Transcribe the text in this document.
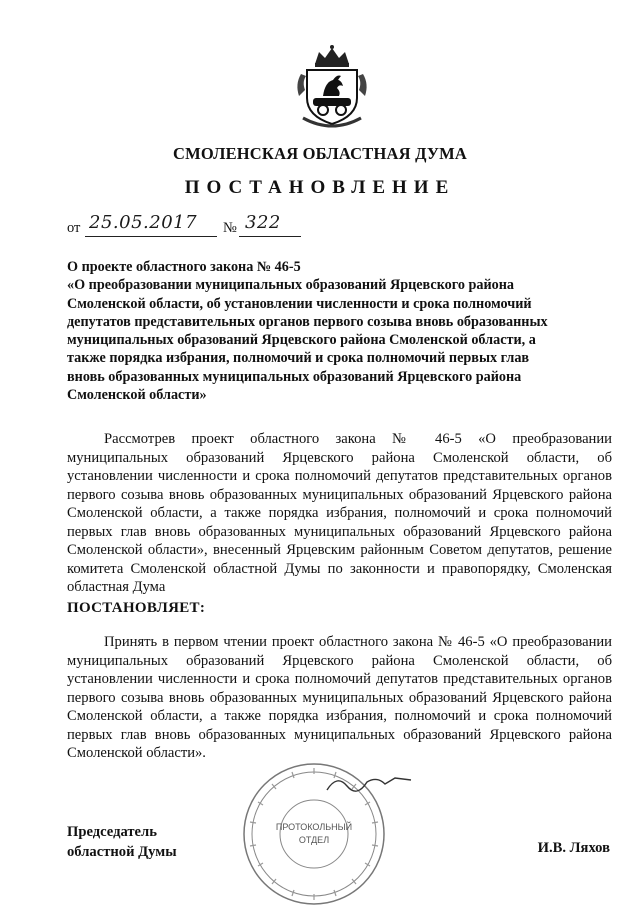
СМОЛЕНСКАЯ ОБЛАСТНАЯ ДУМА
ПОСТАНОВЛЕНИЕ
от 25.05.2017 № 322
О проекте областного закона № 46-5
«О преобразовании муниципальных образований Ярцевского района Смоленской области, об установлении численности и срока полномочий депутатов представительных органов первого созыва вновь образованных муниципальных образований Ярцевского района Смоленской области, а также порядка избрания, полномочий и срока полномочий первых глав вновь образованных муниципальных образований Ярцевского района Смоленской области»
Рассмотрев проект областного закона № 46-5 «О преобразовании муниципальных образований Ярцевского района Смоленской области, об установлении численности и срока полномочий депутатов представительных органов первого созыва вновь образованных муниципальных образований Ярцевского района Смоленской области, а также порядка избрания, полномочий и срока полномочий первых глав вновь образованных муниципальных образований Ярцевского района Смоленской области», внесенный Ярцевским районным Советом депутатов, решение комитета Смоленской областной Думы по законности и правопорядку, Смоленская областная Дума
ПОСТАНОВЛЯЕТ:
Принять в первом чтении проект областного закона № 46-5 «О преобразовании муниципальных образований Ярцевского района Смоленской области, об установлении численности и срока полномочий депутатов представительных органов первого созыва вновь образованных муниципальных образований Ярцевского района Смоленской области, а также порядка избрания, полномочий и срока полномочий первых глав вновь образованных муниципальных образований Ярцевского района Смоленской области».
ПРОТОКОЛЬНЫЙ
ОТДЕЛ
Председатель
областной Думы	И.В. Ляхов
